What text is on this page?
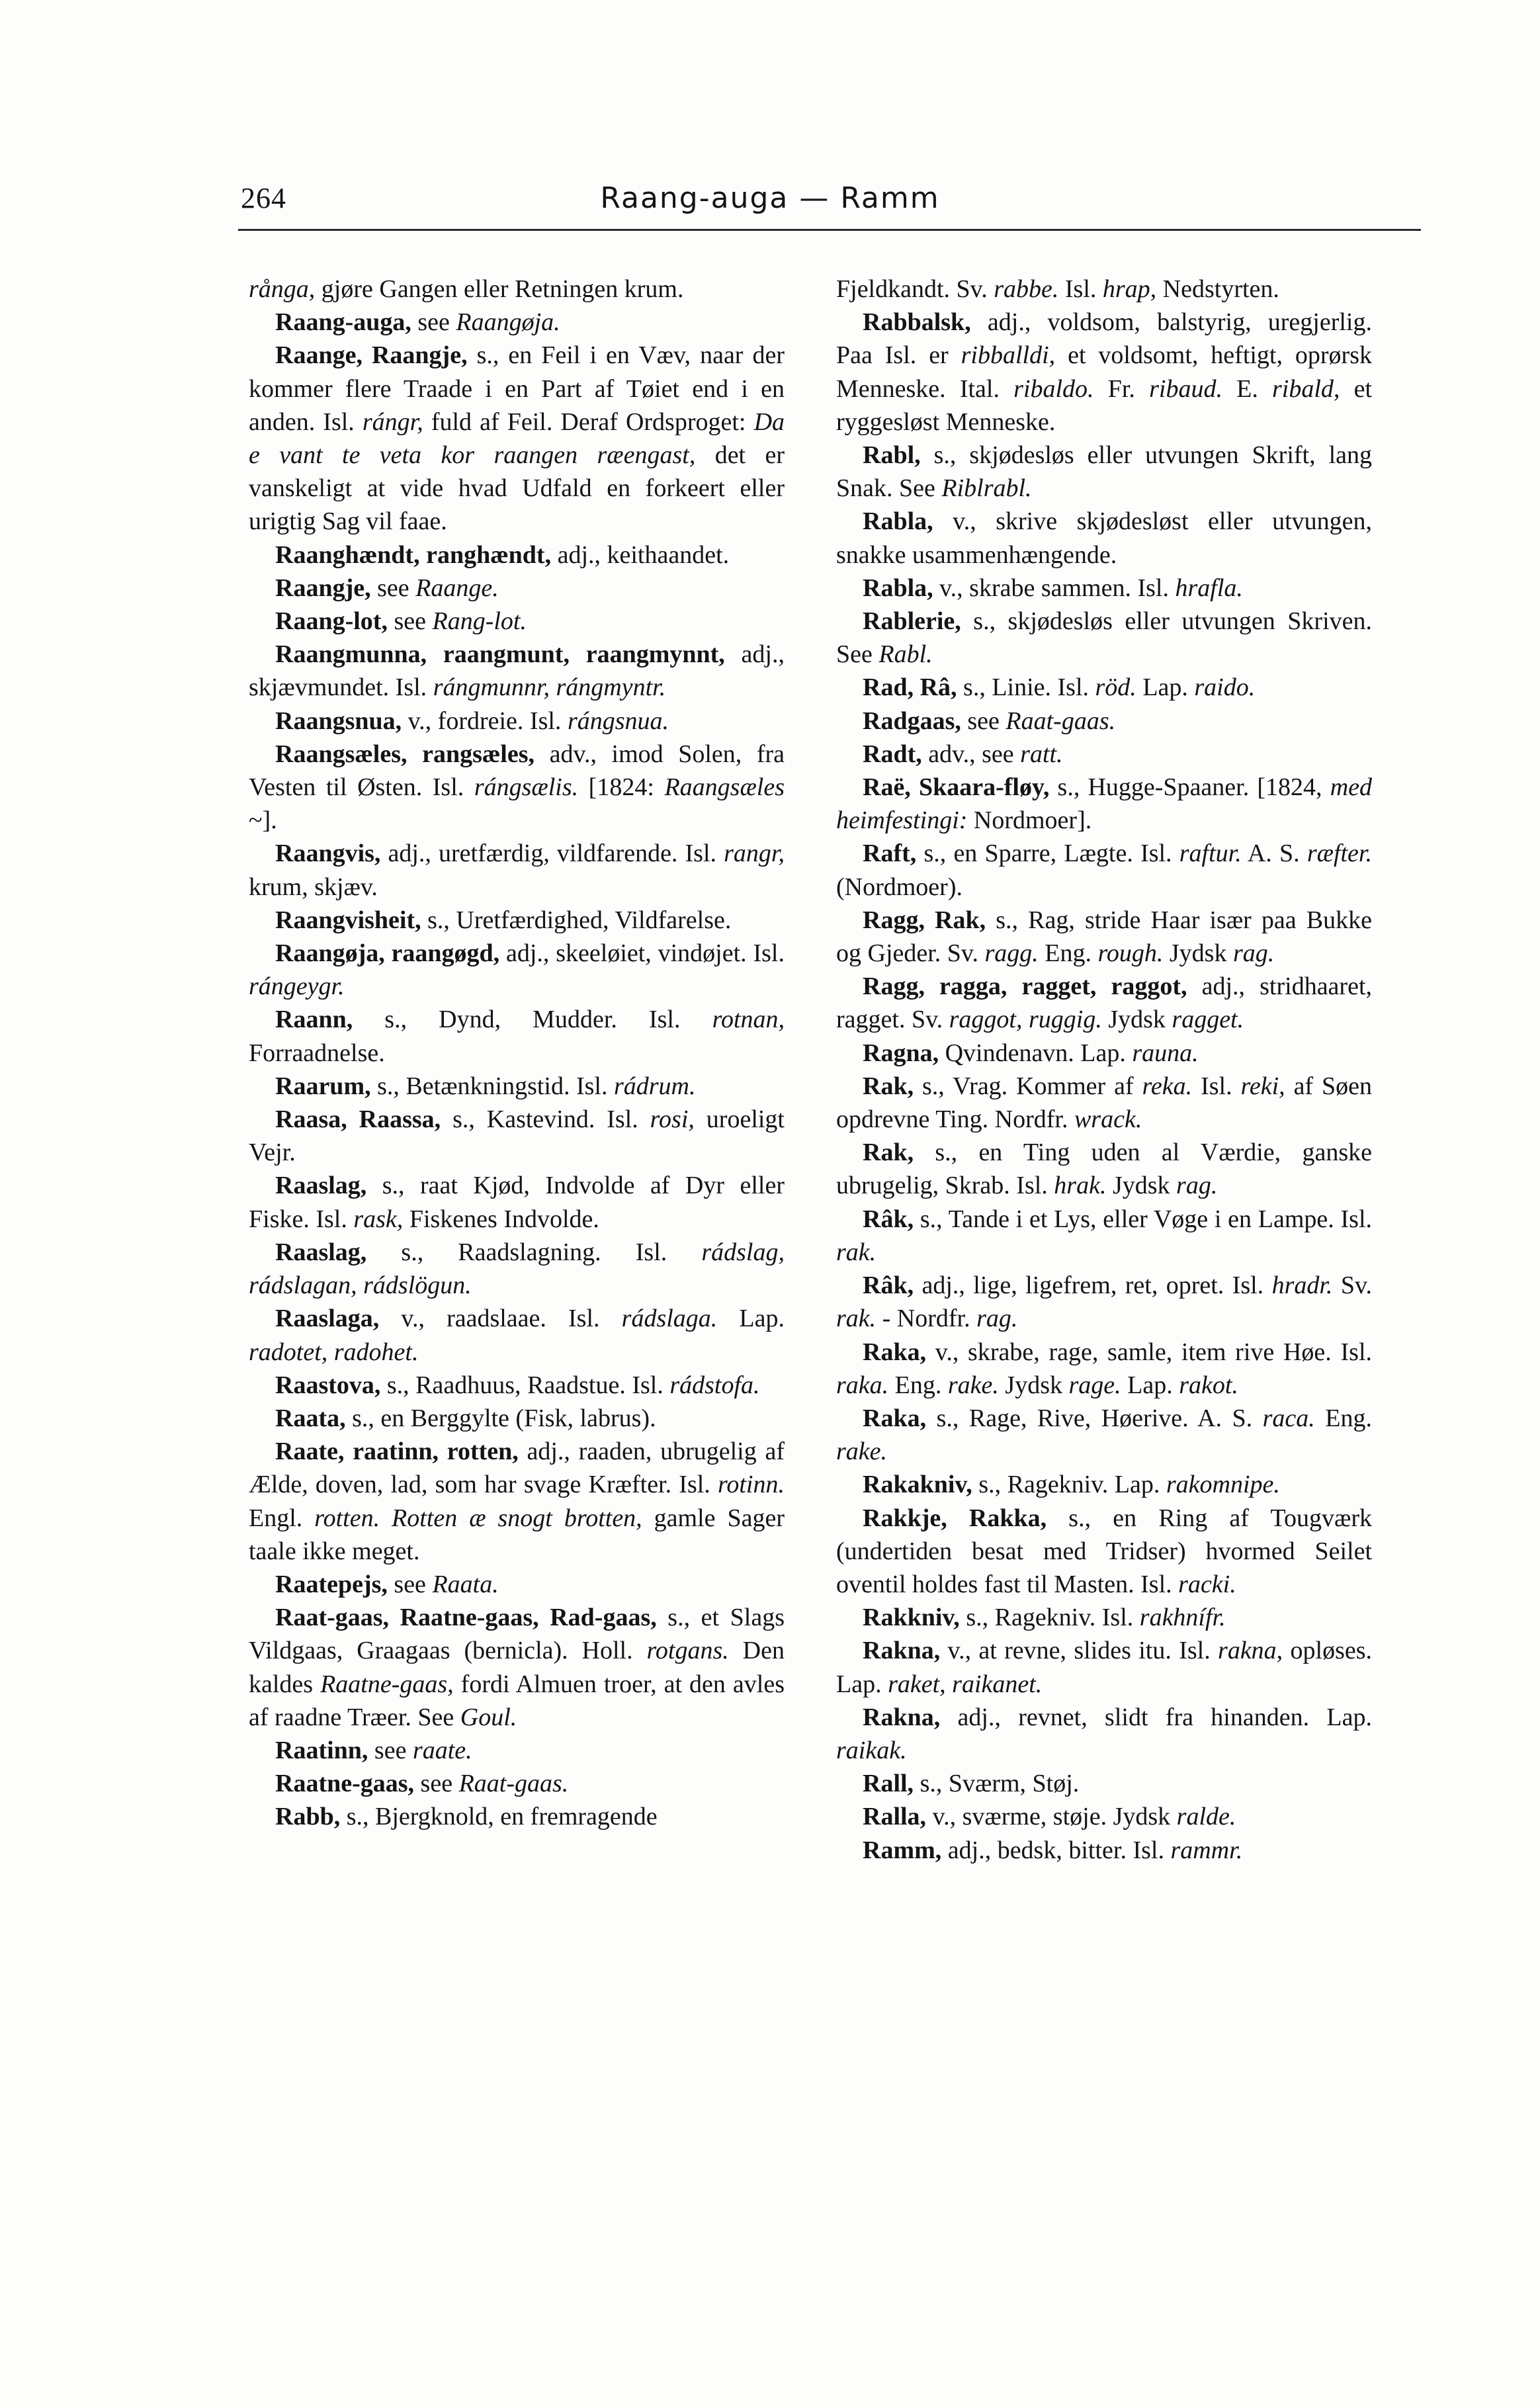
264	Raang-auga — Ramm

rånga, gjøre Gangen eller Retningen krum.

Raang-auga, see Raangøja.

Raange, Raangje, s., en Feil i en Væv, naar der kommer flere Traade i en Part af Tøiet end i en anden. Isl. rángr, fuld af Feil. Deraf Ordsproget: Da e vant te veta kor raangen ræengast, det er vanskeligt at vide hvad Udfald en forkeert eller urigtig Sag vil faae.

Raanghændt, ranghændt, adj., keithaandet.

Raangje, see Raange.

Raang-lot, see Rang-lot.

Raangmunna, raangmunt, raangmynnt, adj., skjævmundet. Isl. rángmunnr, rángmyntr.

Raangsnua, v., fordreie. Isl. rángsnua.

Raangsæles, rangsæles, adv., imod Solen, fra Vesten til Østen. Isl. rángsælis. [1824: Raangsæles ~].

Raangvis, adj., uretfærdig, vildfarende. Isl. rangr, krum, skjæv.

Raangvisheit, s., Uretfærdighed, Vildfarelse.

Raangøja, raangøgd, adj., skeeløiet, vindøjet. Isl. rángeygr.

Raann, s., Dynd, Mudder. Isl. rotnan, Forraadnelse.

Raarum, s., Betænkningstid. Isl. rádrum.

Raasa, Raassa, s., Kastevind. Isl. rosi, uroeligt Vejr.

Raaslag, s., raat Kjød, Indvolde af Dyr eller Fiske. Isl. rask, Fiskenes Indvolde.

Raaslag, s., Raadslagning. Isl. rádslag, rádslagan, rádslögun.

Raaslaga, v., raadslaae. Isl. rádslaga. Lap. radotet, radohet.

Raastova, s., Raadhuus, Raadstue. Isl. rádstofa.

Raata, s., en Berggylte (Fisk, labrus).

Raate, raatinn, rotten, adj., raaden, ubrugelig af Ælde, doven, lad, som har svage Kræfter. Isl. rotinn. Engl. rotten. Rotten æ snogt brotten, gamle Sager taale ikke meget.

Raatepejs, see Raata.

Raat-gaas, Raatne-gaas, Rad-gaas, s., et Slags Vildgaas, Graagaas (bernicla). Holl. rotgans. Den kaldes Raatne-gaas, fordi Almuen troer, at den avles af raadne Træer. See Goul.

Raatinn, see raate.

Raatne-gaas, see Raat-gaas.

Rabb, s., Bjergknold, en fremragende

Fjeldkandt. Sv. rabbe. Isl. hrap, Nedstyrten.

Rabbalsk, adj., voldsom, balstyrig, uregjerlig. Paa Isl. er ribballdi, et voldsomt, heftigt, oprørsk Menneske. Ital. ribaldo. Fr. ribaud. E. ribald, et ryggesløst Menneske.

Rabl, s., skjødesløs eller utvungen Skrift, lang Snak. See Riblrabl.

Rabla, v., skrive skjødesløst eller utvungen, snakke usammenhængende.

Rabla, v., skrabe sammen. Isl. hrafla.

Rablerie, s., skjødesløs eller utvungen Skriven. See Rabl.

Rad, Râ, s., Linie. Isl. röd. Lap. raido.

Radgaas, see Raat-gaas.

Radt, adv., see ratt.

Raë, Skaara-fløy, s., Hugge-Spaaner. [1824, med heimfestingi: Nordmoer].

Raft, s., en Sparre, Lægte. Isl. raftur. A. S. ræfter. (Nordmoer).

Ragg, Rak, s., Rag, stride Haar især paa Bukke og Gjeder. Sv. ragg. Eng. rough. Jydsk rag.

Ragg, ragga, ragget, raggot, adj., stridhaaret, ragget. Sv. raggot, ruggig. Jydsk ragget.

Ragna, Qvindenavn. Lap. rauna.

Rak, s., Vrag. Kommer af reka. Isl. reki, af Søen opdrevne Ting. Nordfr. wrack.

Rak, s., en Ting uden al Værdie, ganske ubrugelig, Skrab. Isl. hrak. Jydsk rag.

Râk, s., Tande i et Lys, eller Vøge i en Lampe. Isl. rak.

Râk, adj., lige, ligefrem, ret, opret. Isl. hradr. Sv. rak. - Nordfr. rag.

Raka, v., skrabe, rage, samle, item rive Høe. Isl. raka. Eng. rake. Jydsk rage. Lap. rakot.

Raka, s., Rage, Rive, Høerive. A. S. raca. Eng. rake.

Rakakniv, s., Ragekniv. Lap. rakomnipe.

Rakkje, Rakka, s., en Ring af Tougværk (undertiden besat med Tridser) hvormed Seilet oventil holdes fast til Masten. Isl. racki.

Rakkniv, s., Ragekniv. Isl. rakhnífr.

Rakna, v., at revne, slides itu. Isl. rakna, opløses. Lap. raket, raikanet.

Rakna, adj., revnet, slidt fra hinanden. Lap. raikak.

Rall, s., Sværm, Støj.

Ralla, v., sværme, støje. Jydsk ralde.

Ramm, adj., bedsk, bitter. Isl. rammr.
